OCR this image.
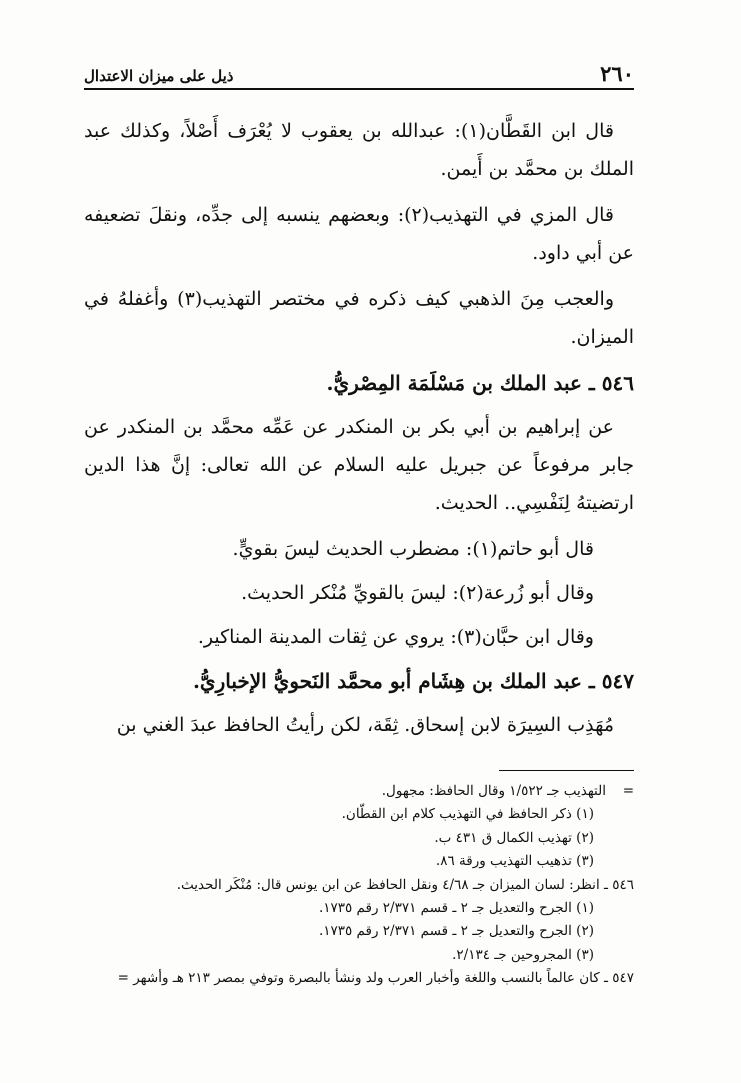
٢٦٠
ذيل على ميزان الاعتدال

قال ابن القَطَّان(١): عبدالله بن يعقوب لا يُعْرَف أَصْلاً، وكذلك عبد الملك بن محمَّد بن أَيمن.

قال المزي في التهذيب(٢): وبعضهم ينسبه إلى جدِّه، ونقلَ تضعيفه عن أبي داود.

والعجب مِنَ الذهبي كيف ذكره في مختصر التهذيب(٣) وأغفلهُ في الميزان.

٥٤٦ ـ عبد الملك بن مَسْلَمَة المِصْريُّ.

عن إبراهيم بن أبي بكر بن المنكدر عن عَمِّه محمَّد بن المنكدر عن جابر مرفوعاً عن جبريل عليه السلام عن الله تعالى: إنَّ هذا الدين ارتضيتهُ لِنَفْسِي.. الحديث.

قال أبو حاتم(١): مضطرب الحديث ليسَ بقويٍّ.

وقال أبو زُرعة(٢): ليسَ بالقويِّ مُنْكر الحديث.

وقال ابن حبَّان(٣): يروي عن ثِقات المدينة المناكير.

٥٤٧ ـ عبد الملك بن هِشَام أبو محمَّد النَحويُّ الإخبارِيُّ.

مُهَذِب السِيرَة لابن إسحاق. ثِقَة، لكن رأيتُ الحافظ عبدَ الغني بن

=التهذيب جـ ١/٥٢٢ وقال الحافظ: مجهول.
(١) ذكر الحافظ في التهذيب كلام ابن القطَّان.
(٢) تهذيب الكمال ق ٤٣١ ب.
(٣) تذهيب التهذيب ورقة ٨٦.
٥٤٦ ـ انظر: لسان الميزان جـ ٤/٦٨ ونقل الحافظ عن ابن يونس قال: مُنْكَر الحديث.
(١) الجرح والتعديل جـ ٢ ـ قسم ٢/٣٧١ رقم ١٧٣٥.
(٢) الجرح والتعديل جـ ٢ ـ قسم ٢/٣٧١ رقم ١٧٣٥.
(٣) المجروحين جـ ٢/١٣٤.
٥٤٧ ـ كان عالماً بالنسب واللغة وأخبار العرب ولد ونشأ بالبصرة وتوفي بمصر ٢١٣ هـ وأشهر =
